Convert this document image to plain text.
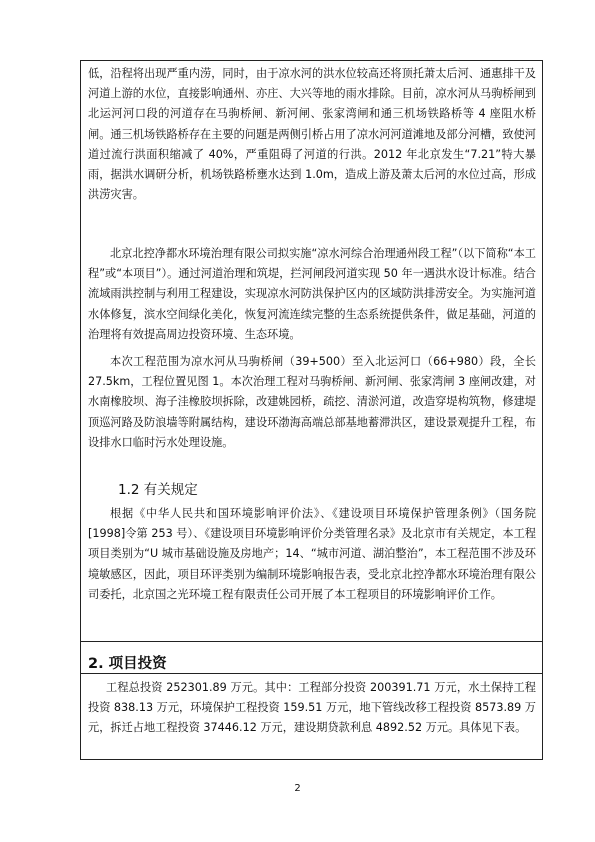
低，沿程将出现严重内涝，同时，由于凉水河的洪水位较高还将顶托萧太后河、通惠排干及河道上游的水位，直接影响通州、亦庄、大兴等地的雨水排除。目前，凉水河从马驹桥闸到北运河河口段的河道存在马驹桥闸、新河闸、张家湾闸和通三机场铁路桥等 4 座阻水桥闸。通三机场铁路桥存在主要的问题是两侧引桥占用了凉水河河道滩地及部分河槽，致使河道过流行洪面积缩减了 40%，严重阻碍了河道的行洪。2012 年北京发生“7.21”特大暴雨，据洪水调研分析，机场铁路桥壅水达到 1.0m，造成上游及萧太后河的水位过高，形成洪涝灾害。

北京北控净都水环境治理有限公司拟实施“凉水河综合治理通州段工程”（以下简称“本工程”或“本项目”）。通过河道治理和筑堤，拦河闸段河道实现 50 年一遇洪水设计标准。结合流域雨洪控制与利用工程建设，实现凉水河防洪保护区内的区域防洪排涝安全。为实施河道水体修复，滨水空间绿化美化，恢复河流连续完整的生态系统提供条件，做足基础，河道的治理将有效提高周边投资环境、生态环境。

本次工程范围为凉水河从马驹桥闸（39+500）至入北运河口（66+980）段，全长 27.5km，工程位置见图 1。本次治理工程对马驹桥闸、新河闸、张家湾闸 3 座闸改建，对水南橡胶坝、海子洼橡胶坝拆除，改建姚园桥，疏挖、清淤河道，改造穿堤构筑物，修建堤顶巡河路及防浪墙等附属结构，建设环渤海高端总部基地蓄滞洪区，建设景观提升工程，布设排水口临时污水处理设施。

1.2 有关规定

根据《中华人民共和国环境影响评价法》、《建设项目环境保护管理条例》（国务院[1998]令第 253 号）、《建设项目环境影响评价分类管理名录》及北京市有关规定，本工程项目类别为“U 城市基础设施及房地产；14、“城市河道、湖泊整治”，本工程范围不涉及环境敏感区，因此，项目环评类别为编制环境影响报告表，受北京北控净都水环境治理有限公司委托，北京国之光环境工程有限责任公司开展了本工程项目的环境影响评价工作。

2. 项目投资

工程总投资 252301.89 万元。其中：工程部分投资 200391.71 万元，水土保持工程投资 838.13 万元，环境保护工程投资 159.51 万元，地下管线改移工程投资 8573.89 万元，拆迁占地工程投资 37446.12 万元，建设期贷款利息 4892.52 万元。具体见下表。

2
